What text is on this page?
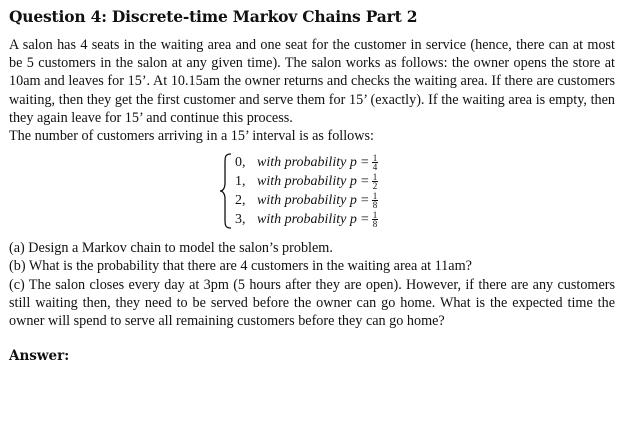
Question 4: Discrete-time Markov Chains Part 2

A salon has 4 seats in the waiting area and one seat for the customer in service (hence, there can at most be 5 customers in the salon at any given time). The salon works as follows: the owner opens the store at 10am and leaves for 15’. At 10.15am the owner returns and checks the waiting area. If there are customers waiting, then they get the first customer and serve them for 15’ (exactly). If the waiting area is empty, then they again leave for 15’ and continue this process.

The number of customers arriving in a 15’ interval is as follows:

0, with probability $p = \frac{1}{4}$
1, with probability $p = \frac{1}{2}$
2, with probability $p = \frac{1}{8}$
3, with probability $p = \frac{1}{8}$

(a) Design a Markov chain to model the salon’s problem.

(b) What is the probability that there are 4 customers in the waiting area at 11am?

(c) The salon closes every day at 3pm (5 hours after they are open). However, if there are any customers still waiting then, they need to be served before the owner can go home. What is the expected time the owner will spend to serve all remaining customers before they can go home?

Answer:
